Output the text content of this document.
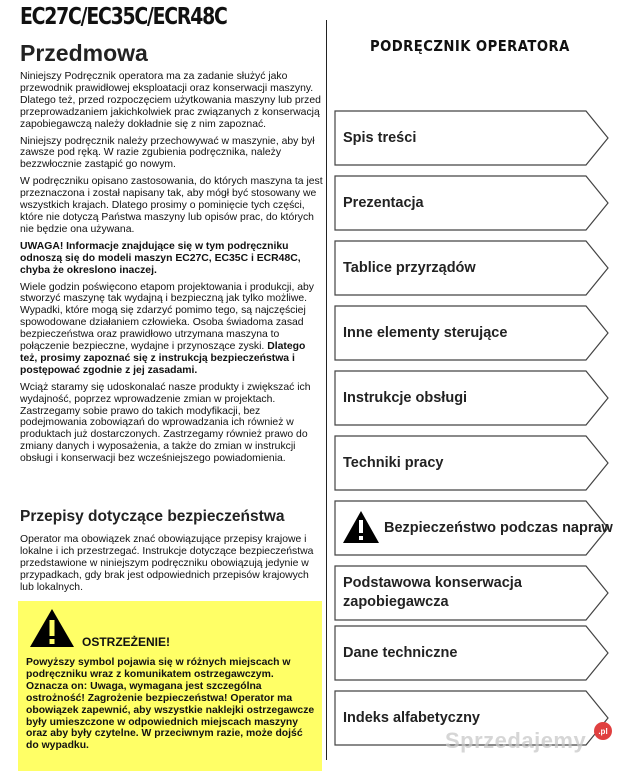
EC27C/EC35C/ECR48C
Przedmowa	PODRĘCZNIK OPERATORA

Niniejszy Podręcznik operatora ma za zadanie służyć jako przewodnik prawidłowej eksploatacji oraz konserwacji maszyny. Dlatego też, przed rozpoczęciem użytkowania maszyny lub przed przeprowadzaniem jakichkolwiek prac związanych z konserwacją zapobiegawczą należy dokładnie się z nim zapoznać.

Niniejszy podręcznik należy przechowywać w maszynie, aby był zawsze pod ręką. W razie zgubienia podręcznika, należy bezzwłocznie zastąpić go nowym.

W podręczniku opisano zastosowania, do których maszyna ta jest przeznaczona i został napisany tak, aby mógł być stosowany we wszystkich krajach. Dlatego prosimy o pominięcie tych części, które nie dotyczą Państwa maszyny lub opisów prac, do których nie będzie ona używana.

UWAGA! Informacje znajdujące się w tym podręczniku odnoszą się do modeli maszyn EC27C, EC35C i ECR48C, chyba że okreslono inaczej.

Wiele godzin poświęcono etapom projektowania i produkcji, aby stworzyć maszynę tak wydajną i bezpieczną jak tylko możliwe. Wypadki, które mogą się zdarzyć pomimo tego, są najczęściej spowodowane działaniem człowieka. Osoba świadoma zasad bezpieczeństwa oraz prawidłowo utrzymana maszyna to połączenie bezpieczne, wydajne i przynoszące zyski. Dlatego też, prosimy zapoznać się z instrukcją bezpieczeństwa i postępować zgodnie z jej zasadami.

Wciąż staramy się udoskonalać nasze produkty i zwiększać ich wydajność, poprzez wprowadzenie zmian w projektach. Zastrzegamy sobie prawo do takich modyfikacji, bez podejmowania zobowiązań do wprowadzania ich również w produktach już dostarczonych. Zastrzegamy również prawo do zmiany danych i wyposażenia, a także do zmian w instrukcji obsługi i konserwacji bez wcześniejszego powiadomienia.

Przepisy dotyczące bezpieczeństwa
Operator ma obowiązek znać obowiązujące przepisy krajowe i lokalne i ich przestrzegać. Instrukcje dotyczące bezpieczeństwa przedstawione w niniejszym podręczniku obowiązują jedynie w przypadkach, gdy brak jest odpowiednich przepisów krajowych lub lokalnych.
OSTRZEŻENIE!
Powyższy symbol pojawia się w różnych miejscach w podręczniku wraz z komunikatem ostrzegawczym. Oznacza on: Uwaga, wymagana jest szczególna ostrożność! Zagrożenie bezpieczeństwa! Operator ma obowiązek zapewnić, aby wszystkie naklejki ostrzegawcze były umieszczone w odpowiednich miejscach maszyny oraz aby były czytelne. W przeciwnym razie, może dojść do wypadku.
Spis treści
Prezentacja
Tablice przyrządów
Inne elementy sterujące
Instrukcje obsługi
Techniki pracy
Bezpieczeństwo podczas napraw
Podstawowa konserwacja zapobiegawcza
Dane techniczne
Indeks alfabetyczny
Sprzedajemy	.pl
